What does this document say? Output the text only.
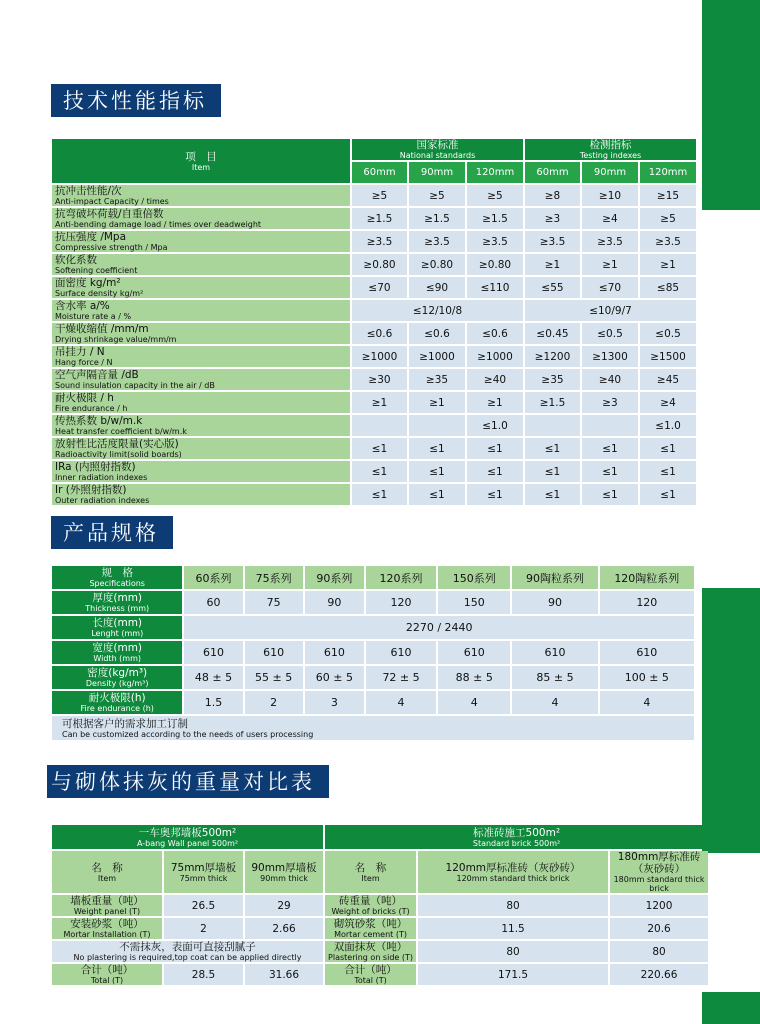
技术性能指标
项　目
Item	国家标准
National standards			检测指标
Testing indexes		

	60mm	90mm	120mm	60mm	90mm	120mm

抗冲击性能/次
Anti-impact Capacity / times	≥5	≥5	≥5	≥8	≥10	≥15

抗弯破坏荷载/自重倍数
Anti-bending damage load / times over deadweight	≥1.5	≥1.5	≥1.5	≥3	≥4	≥5

抗压强度 /Mpa
Compressive strength / Mpa	≥3.5	≥3.5	≥3.5	≥3.5	≥3.5	≥3.5

软化系数
Softening coefficient	≥0.80	≥0.80	≥0.80	≥1	≥1	≥1

面密度 kg/m²
Surface density kg/m²	≤70	≤90	≤110	≤55	≤70	≤85

含水率 a/%
Moisture rate a / %	≤12/10/8			≤10/9/7		

干燥收缩值 /mm/m
Drying shrinkage value/mm/m	≤0.6	≤0.6	≤0.6	≤0.45	≤0.5	≤0.5

吊挂力 / N
Hang force / N	≥1000	≥1000	≥1000	≥1200	≥1300	≥1500

空气声隔音量 /dB
Sound insulation capacity in the air / dB	≥30	≥35	≥40	≥35	≥40	≥45

耐火极限 / h
Fire endurance / h	≥1	≥1	≥1	≥1.5	≥3	≥4

传热系数 b/w/m.k
Heat transfer coefficient b/w/m.k			≤1.0			≤1.0

放射性比活度限量(实心版)
Radioactivity limit(solid boards)	≤1	≤1	≤1	≤1	≤1	≤1

IRa (内照射指数)
Inner radiation indexes	≤1	≤1	≤1	≤1	≤1	≤1

Ir (外照射指数)
Outer radiation indexes	≤1	≤1	≤1	≤1	≤1	≤1
产品规格
规　格
Specifications	60系列	75系列	90系列	120系列	150系列	90陶粒系列	120陶粒系列

厚度(mm)
Thickness (mm)	60	75	90	120	150	90	120

长度(mm)
Lenght (mm)	2270 / 2440						

宽度(mm)
Width (mm)	610	610	610	610	610	610	610

密度(kg/m³)
Density (kg/m³)	48 ± 5	55 ± 5	60 ± 5	72 ± 5	88 ± 5	85 ± 5	100 ± 5

耐火极限(h)
Fire endurance (h)	1.5	2	3	4	4	4	4

可根据客户的需求加工订制
Can be customized according to the needs of users processing							
与砌体抹灰的重量对比表
一车奥邦墙板500m²
A-bang Wall panel 500m²			标准砖施工500m²
Standard brick 500m²		

名　称
Item	75mm厚墙板
75mm thick	90mm厚墙板
90mm thick	名　称
Item	120mm厚标准砖（灰砂砖）
120mm standard thick brick	180mm厚标准砖（灰砂砖）
180mm standard thick brick

墙板重量（吨）
Weight panel (T)	26.5	29	砖重量（吨）
Weight of bricks (T)	80	1200

安装砂浆（吨）
Mortar Installation (T)	2	2.66	砌筑砂浆（吨）
Mortar cement (T)	11.5	20.6

不需抹灰，表面可直接刮腻子
No plastering is required,top coat can be applied directly			双面抹灰（吨）
Plastering on side (T)	80	80

合计（吨）
Total (T)	28.5	31.66	合计（吨）
Total (T)	171.5	220.66
